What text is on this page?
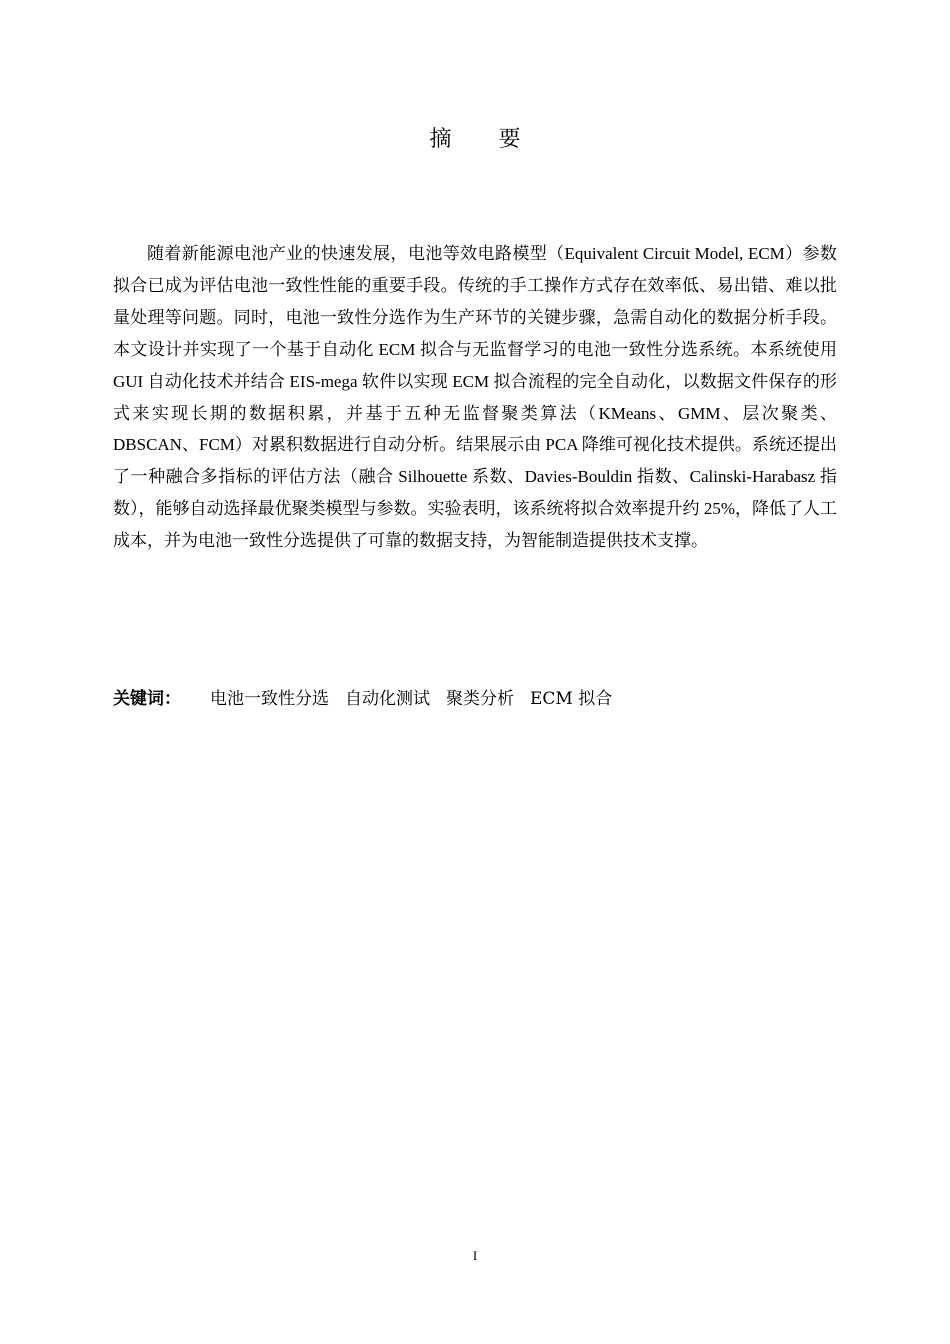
摘 要

随着新能源电池产业的快速发展，电池等效电路模型（Equivalent Circuit Model, ECM）参数拟合已成为评估电池一致性性能的重要手段。传统的手工操作方式存在效率低、易出错、难以批量处理等问题。同时，电池一致性分选作为生产环节的关键步骤，急需自动化的数据分析手段。本文设计并实现了一个基于自动化 ECM 拟合与无监督学习的电池一致性分选系统。本系统使用 GUI 自动化技术并结合 EIS-mega 软件以实现 ECM 拟合流程的完全自动化，以数据文件保存的形式来实现长期的数据积累，并基于五种无监督聚类算法（KMeans、GMM、层次聚类、DBSCAN、FCM）对累积数据进行自动分析。结果展示由 PCA 降维可视化技术提供。系统还提出了一种融合多指标的评估方法（融合 Silhouette 系数、Davies-Bouldin 指数、Calinski-Harabasz 指数），能够自动选择最优聚类模型与参数。实验表明，该系统将拟合效率提升约 25%，降低了人工成本，并为电池一致性分选提供了可靠的数据支持，为智能制造提供技术支撑。

关键词： 电池一致性分选 自动化测试 聚类分析 ECM 拟合
I
